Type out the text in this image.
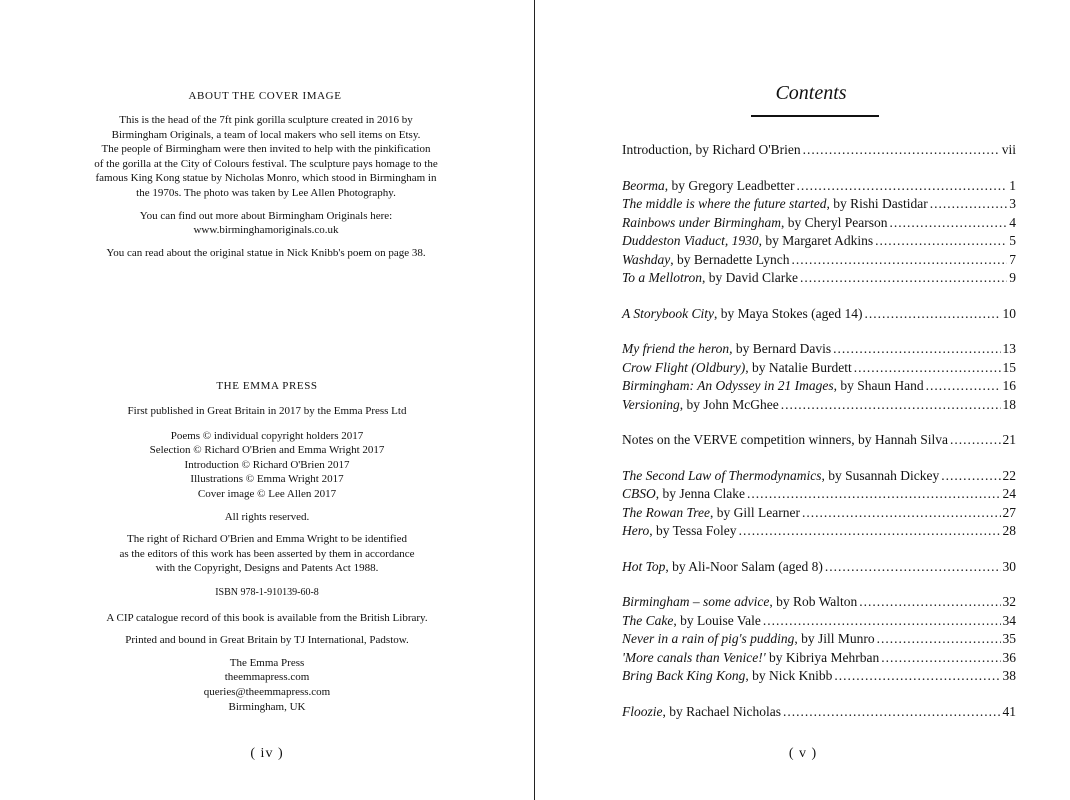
ABOUT THE COVER IMAGE
This is the head of the 7ft pink gorilla sculpture created in 2016 by
Birmingham Originals, a team of local makers who sell items on Etsy.
The people of Birmingham were then invited to help with the pinkification
of the gorilla at the City of Colours festival. The sculpture pays homage to the
famous King Kong statue by Nicholas Monro, which stood in Birmingham in
the 1970s. The photo was taken by Lee Allen Photography.
You can find out more about Birmingham Originals here:
www.birminghamoriginals.co.uk
You can read about the original statue in Nick Knibb's poem on page 38.
THE EMMA PRESS
First published in Great Britain in 2017 by the Emma Press Ltd
Poems © individual copyright holders 2017
Selection © Richard O'Brien and Emma Wright 2017
Introduction © Richard O'Brien 2017
Illustrations © Emma Wright 2017
Cover image © Lee Allen 2017
All rights reserved.
The right of Richard O'Brien and Emma Wright to be identified
as the editors of this work has been asserted by them in accordance
with the Copyright, Designs and Patents Act 1988.
ISBN 978-1-910139-60-8
A CIP catalogue record of this book is available from the British Library.
Printed and bound in Great Britain by TJ International, Padstow.
The Emma Press
theemmapress.com
queries@theemmapress.com
Birmingham, UK
( iv )
Contents
Introduction, by Richard O'Brien .....	vii
Beorma, by Gregory Leadbetter .....	1
The middle is where the future started, by Rishi Dastidar .....	3
Rainbows under Birmingham, by Cheryl Pearson .....	4
Duddeston Viaduct, 1930, by Margaret Adkins .....	5
Washday, by Bernadette Lynch .....	7
To a Mellotron, by David Clarke .....	9
A Storybook City, by Maya Stokes (aged 14) .....	10
My friend the heron, by Bernard Davis .....	13
Crow Flight (Oldbury), by Natalie Burdett .....	15
Birmingham: An Odyssey in 21 Images, by Shaun Hand .....	16
Versioning, by John McGhee .....	18
Notes on the VERVE competition winners, by Hannah Silva .....	21
The Second Law of Thermodynamics, by Susannah Dickey .....	22
CBSO, by Jenna Clake .....	24
The Rowan Tree, by Gill Learner .....	27
Hero, by Tessa Foley .....	28
Hot Top, by Ali-Noor Salam (aged 8) .....	30
Birmingham – some advice, by Rob Walton .....	32
The Cake, by Louise Vale .....	34
Never in a rain of pig's pudding, by Jill Munro .....	35
'More canals than Venice!' by Kibriya Mehrban .....	36
Bring Back King Kong, by Nick Knibb .....	38
Floozie, by Rachael Nicholas .....	41
( v )
